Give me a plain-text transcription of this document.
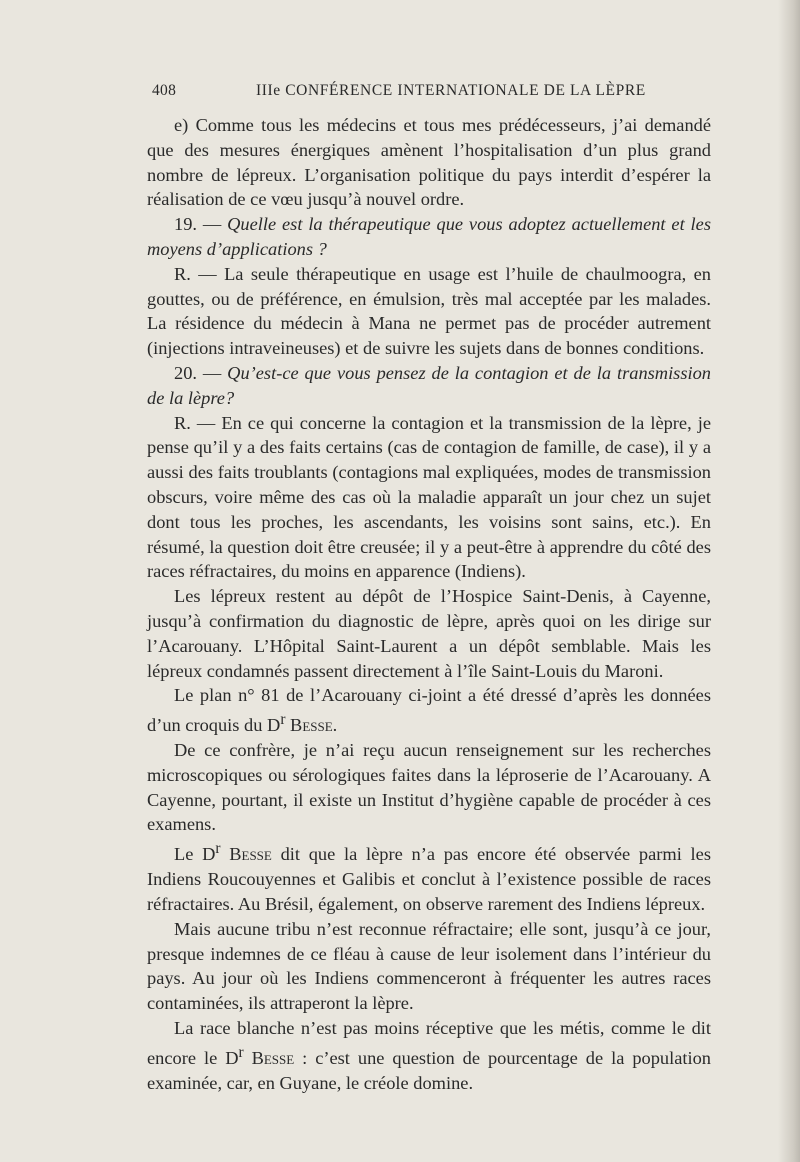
408	IIIe CONFÉRENCE INTERNATIONALE DE LA LÈPRE

e) Comme tous les médecins et tous mes prédécesseurs, j’ai demandé que des mesures énergiques amènent l’hospitalisation d’un plus grand nombre de lépreux. L’organisation politique du pays interdit d’espérer la réalisation de ce vœu jusqu’à nouvel ordre.

19. — Quelle est la thérapeutique que vous adoptez actuellement et les moyens d’applications ?

R. — La seule thérapeutique en usage est l’huile de chaulmoogra, en gouttes, ou de préférence, en émulsion, très mal acceptée par les malades. La résidence du médecin à Mana ne permet pas de procéder autrement (injections intraveineuses) et de suivre les sujets dans de bonnes conditions.

20. — Qu’est-ce que vous pensez de la contagion et de la transmission de la lèpre?

R. — En ce qui concerne la contagion et la transmission de la lèpre, je pense qu’il y a des faits certains (cas de contagion de famille, de case), il y a aussi des faits troublants (contagions mal expliquées, modes de transmission obscurs, voire même des cas où la maladie apparaît un jour chez un sujet dont tous les proches, les ascendants, les voisins sont sains, etc.). En résumé, la question doit être creusée; il y a peut-être à apprendre du côté des races réfractaires, du moins en apparence (Indiens).

Les lépreux restent au dépôt de l’Hospice Saint-Denis, à Cayenne, jusqu’à confirmation du diagnostic de lèpre, après quoi on les dirige sur l’Acarouany. L’Hôpital Saint-Laurent a un dépôt semblable. Mais les lépreux condamnés passent directement à l’île Saint-Louis du Maroni.

Le plan n° 81 de l’Acarouany ci-joint a été dressé d’après les données d’un croquis du $D^r$ Besse.

De ce confrère, je n’ai reçu aucun renseignement sur les recherches microscopiques ou sérologiques faites dans la léproserie de l’Acarouany. A Cayenne, pourtant, il existe un Institut d’hygiène capable de procéder à ces examens.

Le $D^r$ Besse dit que la lèpre n’a pas encore été observée parmi les Indiens Roucouyennes et Galibis et conclut à l’existence possible de races réfractaires. Au Brésil, également, on observe rarement des Indiens lépreux.

Mais aucune tribu n’est reconnue réfractaire; elle sont, jusqu’à ce jour, presque indemnes de ce fléau à cause de leur isolement dans l’intérieur du pays. Au jour où les Indiens commenceront à fréquenter les autres races contaminées, ils attraperont la lèpre.

La race blanche n’est pas moins réceptive que les métis, comme le dit encore le $D^r$ Besse : c’est une question de pourcentage de la population examinée, car, en Guyane, le créole domine.
